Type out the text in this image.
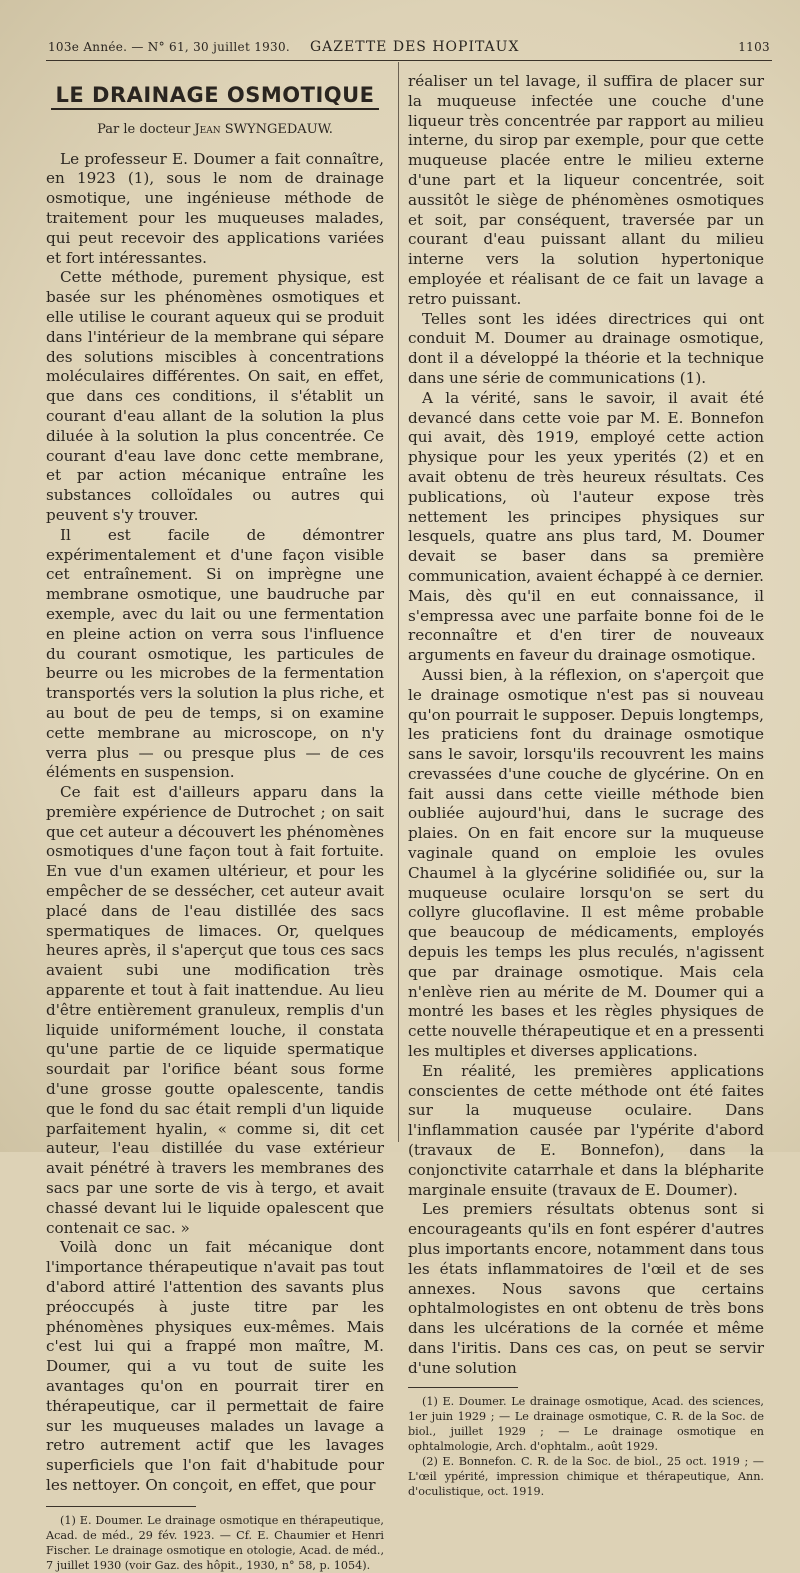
103e Année. — N° 61, 30 juillet 1930. GAZETTE DES HOPITAUX	1103
LE DRAINAGE OSMOTIQUE
Par le docteur Jean SWYNGEDAUW.

Le professeur E. Doumer a fait connaître, en 1923 (1), sous le nom de drainage osmotique, une ingénieuse méthode de traitement pour les muqueuses malades, qui peut recevoir des applications variées et fort intéressantes.

Cette méthode, purement physique, est basée sur les phénomènes osmotiques et elle utilise le courant aqueux qui se produit dans l'intérieur de la membrane qui sépare des solutions miscibles à concentrations moléculaires différentes. On sait, en effet, que dans ces conditions, il s'établit un courant d'eau allant de la solution la plus diluée à la solution la plus concentrée. Ce courant d'eau lave donc cette membrane, et par action mécanique entraîne les substances colloïdales ou autres qui peuvent s'y trouver.

Il est facile de démontrer expérimentalement et d'une façon visible cet entraînement. Si on imprègne une membrane osmotique, une baudruche par exemple, avec du lait ou une fermentation en pleine action on verra sous l'influence du courant osmotique, les particules de beurre ou les microbes de la fermentation transportés vers la solution la plus riche, et au bout de peu de temps, si on examine cette membrane au microscope, on n'y verra plus — ou presque plus — de ces éléments en suspension.

Ce fait est d'ailleurs apparu dans la première expérience de Dutrochet ; on sait que cet auteur a découvert les phénomènes osmotiques d'une façon tout à fait fortuite. En vue d'un examen ultérieur, et pour les empêcher de se dessécher, cet auteur avait placé dans de l'eau distillée des sacs spermatiques de limaces. Or, quelques heures après, il s'aperçut que tous ces sacs avaient subi une modification très apparente et tout à fait inattendue. Au lieu d'être entièrement granuleux, remplis d'un liquide uniformément louche, il constata qu'une partie de ce liquide spermatique sourdait par l'orifice béant sous forme d'une grosse goutte opalescente, tandis que le fond du sac était rempli d'un liquide parfaitement hyalin, « comme si, dit cet auteur, l'eau distillée du vase extérieur avait pénétré à travers les membranes des sacs par une sorte de vis à tergo, et avait chassé devant lui le liquide opalescent que contenait ce sac. »

Voilà donc un fait mécanique dont l'importance thérapeutique n'avait pas tout d'abord attiré l'attention des savants plus préoccupés à juste titre par les phénomènes physiques eux-mêmes. Mais c'est lui qui a frappé mon maître, M. Doumer, qui a vu tout de suite les avantages qu'on en pourrait tirer en thérapeutique, car il permettait de faire sur les muqueuses malades un lavage a retro autrement actif que les lavages superficiels que l'on fait d'habitude pour les nettoyer. On conçoit, en effet, que pour

(1) E. Doumer. Le drainage osmotique en thérapeutique, Acad. de méd., 29 fév. 1923. — Cf. E. Chaumier et Henri Fischer. Le drainage osmotique en otologie, Acad. de méd., 7 juillet 1930 (voir Gaz. des hôpit., 1930, n° 58, p. 1054).

réaliser un tel lavage, il suffira de placer sur la muqueuse infectée une couche d'une liqueur très concentrée par rapport au milieu interne, du sirop par exemple, pour que cette muqueuse placée entre le milieu externe d'une part et la liqueur concentrée, soit aussitôt le siège de phénomènes osmotiques et soit, par conséquent, traversée par un courant d'eau puissant allant du milieu interne vers la solution hypertonique employée et réalisant de ce fait un lavage a retro puissant.

Telles sont les idées directrices qui ont conduit M. Doumer au drainage osmotique, dont il a développé la théorie et la technique dans une série de communications (1).

A la vérité, sans le savoir, il avait été devancé dans cette voie par M. E. Bonnefon qui avait, dès 1919, employé cette action physique pour les yeux yperités (2) et en avait obtenu de très heureux résultats. Ces publications, où l'auteur expose très nettement les principes physiques sur lesquels, quatre ans plus tard, M. Doumer devait se baser dans sa première communication, avaient échappé à ce dernier. Mais, dès qu'il en eut connaissance, il s'empressa avec une parfaite bonne foi de le reconnaître et d'en tirer de nouveaux arguments en faveur du drainage osmotique.

Aussi bien, à la réflexion, on s'aperçoit que le drainage osmotique n'est pas si nouveau qu'on pourrait le supposer. Depuis longtemps, les praticiens font du drainage osmotique sans le savoir, lorsqu'ils recouvrent les mains crevassées d'une couche de glycérine. On en fait aussi dans cette vieille méthode bien oubliée aujourd'hui, dans le sucrage des plaies. On en fait encore sur la muqueuse vaginale quand on emploie les ovules Chaumel à la glycérine solidifiée ou, sur la muqueuse oculaire lorsqu'on se sert du collyre glucoflavine. Il est même probable que beaucoup de médicaments, employés depuis les temps les plus reculés, n'agissent que par drainage osmotique. Mais cela n'enlève rien au mérite de M. Doumer qui a montré les bases et les règles physiques de cette nouvelle thérapeutique et en a pressenti les multiples et diverses applications.

En réalité, les premières applications conscientes de cette méthode ont été faites sur la muqueuse oculaire. Dans l'inflammation causée par l'ypérite d'abord (travaux de E. Bonnefon), dans la conjonctivite catarrhale et dans la blépharite marginale ensuite (travaux de E. Doumer).

Les premiers résultats obtenus sont si encourageants qu'ils en font espérer d'autres plus importants encore, notamment dans tous les états inflammatoires de l'œil et de ses annexes. Nous savons que certains ophtalmologistes en ont obtenu de très bons dans les ulcérations de la cornée et même dans l'iritis. Dans ces cas, on peut se servir d'une solution

(1) E. Doumer. Le drainage osmotique, Acad. des sciences, 1er juin 1929 ; — Le drainage osmotique, C. R. de la Soc. de biol., juillet 1929 ; — Le drainage osmotique en ophtalmologie, Arch. d'ophtalm., août 1929.

(2) E. Bonnefon. C. R. de la Soc. de biol., 25 oct. 1919 ; — L'œil ypérité, impression chimique et thérapeutique, Ann. d'oculistique, oct. 1919.
